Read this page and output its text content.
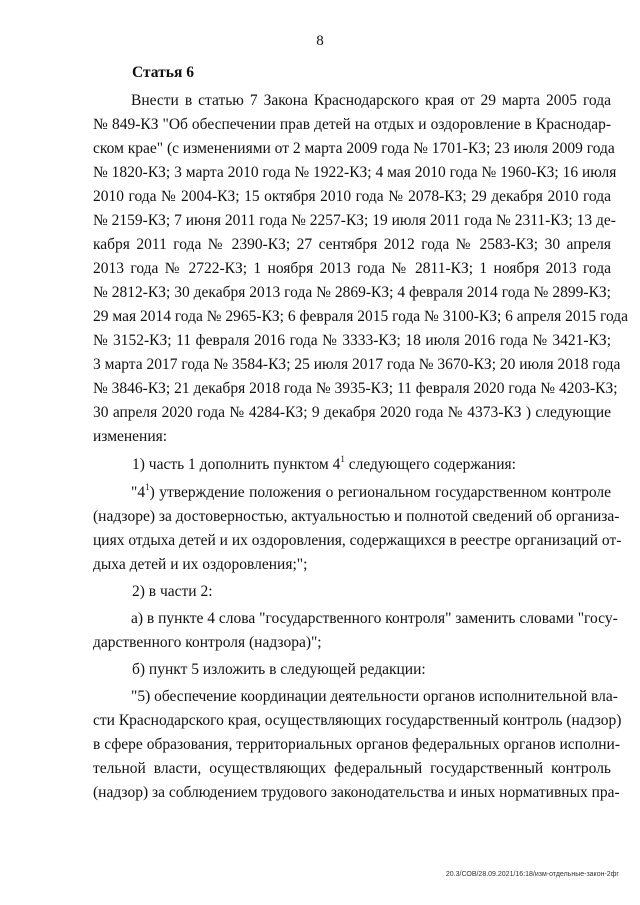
8
Статья 6
Внести в статью 7 Закона Краснодарского края от 29 марта 2005 года
№ 849-КЗ "Об обеспечении прав детей на отдых и оздоровление в Краснодар-
ском крае" (с изменениями от 2 марта 2009 года № 1701-КЗ; 23 июля 2009 года
№ 1820-КЗ; 3 марта 2010 года № 1922-КЗ; 4 мая 2010 года № 1960-КЗ; 16 июля
2010 года № 2004-КЗ; 15 октября 2010 года № 2078-КЗ; 29 декабря 2010 года
№ 2159-КЗ; 7 июня 2011 года № 2257-КЗ; 19 июля 2011 года № 2311-КЗ; 13 де-
кабря 2011 года № 2390-КЗ; 27 сентября 2012 года № 2583-КЗ; 30 апреля
2013 года № 2722-КЗ; 1 ноября 2013 года № 2811-КЗ; 1 ноября 2013 года
№ 2812-КЗ; 30 декабря 2013 года № 2869-КЗ; 4 февраля 2014 года № 2899-КЗ;
29 мая 2014 года № 2965-КЗ; 6 февраля 2015 года № 3100-КЗ; 6 апреля 2015 года
№ 3152-КЗ; 11 февраля 2016 года № 3333-КЗ; 18 июля 2016 года № 3421-КЗ;
3 марта 2017 года № 3584-КЗ; 25 июля 2017 года № 3670-КЗ; 20 июля 2018 года
№ 3846-КЗ; 21 декабря 2018 года № 3935-КЗ; 11 февраля 2020 года № 4203-КЗ;
30 апреля 2020 года № 4284-КЗ; 9 декабря 2020 года № 4373-КЗ ) следующие
изменения:
1) часть 1 дополнить пунктом $4^1$ следующего содержания:
"$4^1$) утверждение положения о региональном государственном контроле
(надзоре) за достоверностью, актуальностью и полнотой сведений об организа-
циях отдыха детей и их оздоровления, содержащихся в реестре организаций от-
дыха детей и их оздоровления;";
2) в части 2:
а) в пункте 4 слова "государственного контроля" заменить словами "госу-
дарственного контроля (надзора)";
б) пункт 5 изложить в следующей редакции:
"5) обеспечение координации деятельности органов исполнительной вла-
сти Краснодарского края, осуществляющих государственный контроль (надзор)
в сфере образования, территориальных органов федеральных органов исполни-
тельной власти, осуществляющих федеральный государственный контроль
(надзор) за соблюдением трудового законодательства и иных нормативных пра-
20.3/СОВ/28.09.2021/16:18/изм-отдельные-закон-2фг
